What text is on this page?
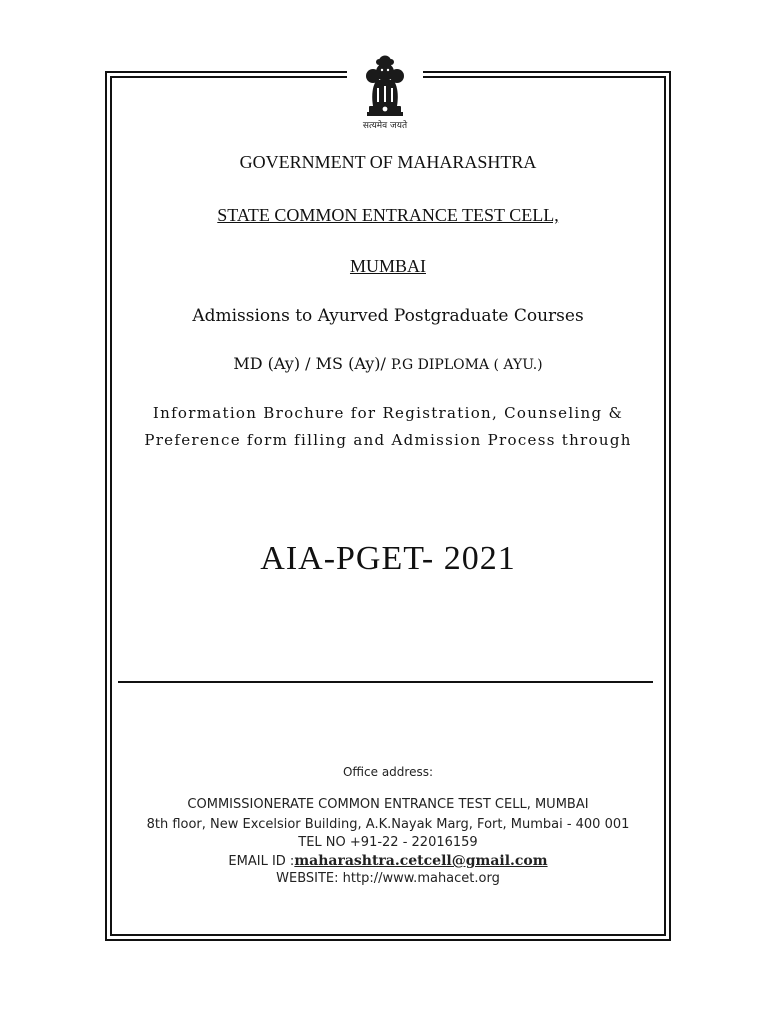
सत्यमेव जयते
GOVERNMENT OF MAHARASHTRA
STATE COMMON ENTRANCE TEST CELL,
MUMBAI
Admissions to Ayurved Postgraduate Courses
MD (Ay) / MS (Ay)/ P.G DIPLOMA ( AYU.)
Information Brochure for Registration, Counseling &
Preference form filling and Admission Process through
AIA-PGET- 2021
Office address:
COMMISSIONERATE COMMON ENTRANCE TEST CELL, MUMBAI
8th floor, New Excelsior Building, A.K.Nayak Marg, Fort, Mumbai - 400 001
TEL NO +91-22 - 22016159
EMAIL ID :maharashtra.cetcell@gmail.com
WEBSITE: http://www.mahacet.org
